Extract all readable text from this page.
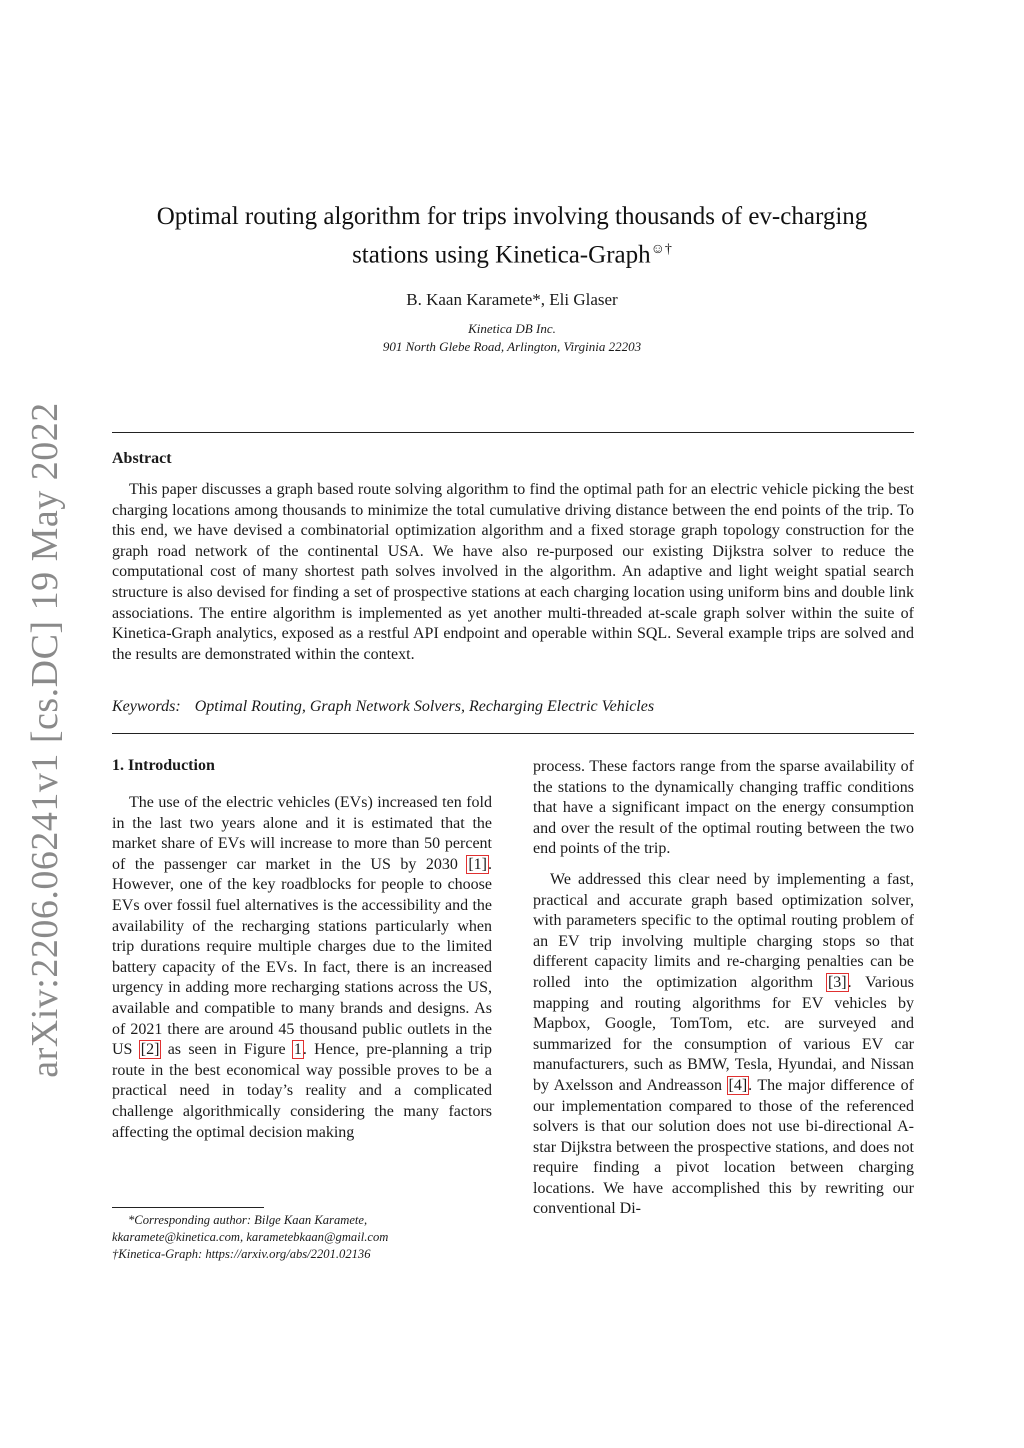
arXiv:2206.06241v1 [cs.DC] 19 May 2022
Optimal routing algorithm for trips involving thousands of ev-charging
stations using Kinetica-Graph☺†
B. Kaan Karamete*, Eli Glaser
Kinetica DB Inc.
901 North Glebe Road, Arlington, Virginia 22203
Abstract

This paper discusses a graph based route solving algorithm to find the optimal path for an electric vehicle picking the best charging locations among thousands to minimize the total cumulative driving distance between the end points of the trip. To this end, we have devised a combinatorial optimization algorithm and a fixed storage graph topology construction for the graph road network of the continental USA. We have also re-purposed our existing Dijkstra solver to reduce the computational cost of many shortest path solves involved in the algorithm. An adaptive and light weight spatial search structure is also devised for finding a set of prospective stations at each charging location using uniform bins and double link associations. The entire algorithm is implemented as yet another multi-threaded at-scale graph solver within the suite of Kinetica-Graph analytics, exposed as a restful API endpoint and operable within SQL. Several example trips are solved and the results are demonstrated within the context.

Keywords: Optimal Routing, Graph Network Solvers, Recharging Electric Vehicles
1. Introduction

The use of the electric vehicles (EVs) increased ten fold in the last two years alone and it is estimated that the market share of EVs will increase to more than 50 percent of the passenger car market in the US by 2030 [1]. However, one of the key roadblocks for people to choose EVs over fossil fuel alternatives is the accessibility and the availability of the recharging stations particularly when trip durations require multiple charges due to the limited battery capacity of the EVs. In fact, there is an increased urgency in adding more recharging stations across the US, available and compatible to many brands and designs. As of 2021 there are around 45 thousand public outlets in the US [2] as seen in Figure 1. Hence, pre-planning a trip route in the best economical way possible proves to be a practical need in today’s reality and a complicated challenge algorithmically considering the many factors affecting the optimal decision making

process. These factors range from the sparse availability of the stations to the dynamically changing traffic conditions that have a significant impact on the energy consumption and over the result of the optimal routing between the two end points of the trip.

We addressed this clear need by implementing a fast, practical and accurate graph based optimization solver, with parameters specific to the optimal routing problem of an EV trip involving multiple charging stops so that different capacity limits and re-charging penalties can be rolled into the optimization algorithm [3]. Various mapping and routing algorithms for EV vehicles by Mapbox, Google, TomTom, etc. are surveyed and summarized for the consumption of various EV car manufacturers, such as BMW, Tesla, Hyundai, and Nissan by Axelsson and Andreasson [4]. The major difference of our implementation compared to those of the referenced solvers is that our solution does not use bi-directional A-star Dijkstra between the prospective stations, and does not require finding a pivot location between charging locations. We have accomplished this by rewriting our conventional Di-

*Corresponding author: Bilge Kaan Karamete,
kkaramete@kinetica.com, karametebkaan@gmail.com
†Kinetica-Graph: https://arxiv.org/abs/2201.02136
